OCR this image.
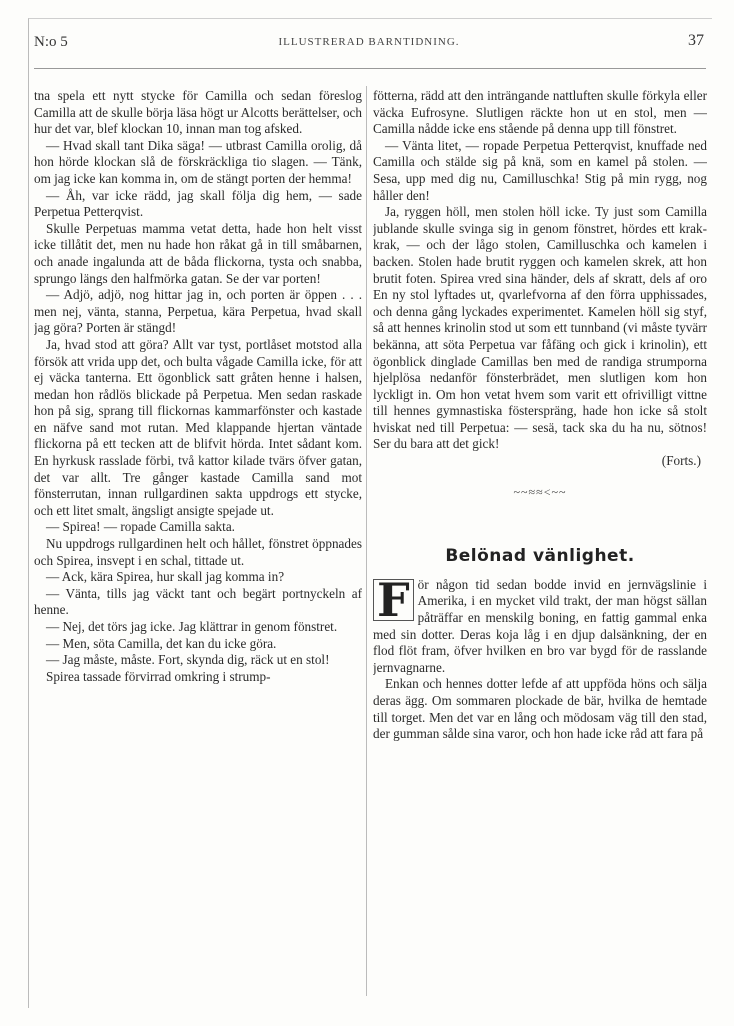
N:o 5	ILLUSTRERAD BARNTIDNING.	37

tna spela ett nytt stycke för Camilla och sedan föreslog Camilla att de skulle börja läsa högt ur Alcotts berättelser, och hur det var, blef klockan 10, innan man tog afsked.

— Hvad skall tant Dika säga! — utbrast Camilla orolig, då hon hörde klockan slå de förskräckliga tio slagen. — Tänk, om jag icke kan komma in, om de stängt porten der hemma!

— Åh, var icke rädd, jag skall följa dig hem, — sade Perpetua Petterqvist.

Skulle Perpetuas mamma vetat detta, hade hon helt visst icke tillåtit det, men nu hade hon råkat gå in till småbarnen, och anade ingalunda att de båda flickorna, tysta och snabba, sprungo längs den halfmörka gatan. Se der var porten!

— Adjö, adjö, nog hittar jag in, och porten är öppen . . . men nej, vänta, stanna, Perpetua, kära Perpetua, hvad skall jag göra? Porten är stängd!

Ja, hvad stod att göra? Allt var tyst, portlåset motstod alla försök att vrida upp det, och bulta vågade Camilla icke, för att ej väcka tanterna. Ett ögonblick satt gråten henne i halsen, medan hon rådlös blickade på Perpetua. Men sedan raskade hon på sig, sprang till flickornas kammarfönster och kastade en näfve sand mot rutan. Med klappande hjertan väntade flickorna på ett tecken att de blifvit hörda. Intet sådant kom. En hyrkusk rasslade förbi, två kattor kilade tvärs öfver gatan, det var allt. Tre gånger kastade Camilla sand mot fönsterrutan, innan rullgardinen sakta uppdrogs ett stycke, och ett litet smalt, ängsligt ansigte spejade ut.

— Spirea! — ropade Camilla sakta.

Nu uppdrogs rullgardinen helt och hållet, fönstret öppnades och Spirea, insvept i en schal, tittade ut.

— Ack, kära Spirea, hur skall jag komma in?

— Vänta, tills jag väckt tant och begärt portnyckeln af henne.

— Nej, det törs jag icke. Jag klättrar in genom fönstret.

— Men, söta Camilla, det kan du icke göra.

— Jag måste, måste. Fort, skynda dig, räck ut en stol!

Spirea tassade förvirrad omkring i strump-

fötterna, rädd att den inträngande nattluften skulle förkyla eller väcka Eufrosyne. Slutligen räckte hon ut en stol, men — Camilla nådde icke ens stående på denna upp till fönstret.

— Vänta litet, — ropade Perpetua Petterqvist, knuffade ned Camilla och stälde sig på knä, som en kamel på stolen. — Sesa, upp med dig nu, Camilluschka! Stig på min rygg, nog håller den!

Ja, ryggen höll, men stolen höll icke. Ty just som Camilla jublande skulle svinga sig in genom fönstret, hördes ett krak-krak, — och der lågo stolen, Camilluschka och kamelen i backen. Stolen hade brutit ryggen och kamelen skrek, att hon brutit foten. Spirea vred sina händer, dels af skratt, dels af oro En ny stol lyftades ut, qvarlefvorna af den förra upphissades, och denna gång lyckades experimentet. Kamelen höll sig styf, så att hennes krinolin stod ut som ett tunnband (vi måste tyvärr bekänna, att söta Perpetua var fåfäng och gick i krinolin), ett ögonblick dinglade Camillas ben med de randiga strumporna hjelplösa nedanför fönsterbrädet, men slutligen kom hon lyckligt in. Om hon vetat hvem som varit ett ofrivilligt vittne till hennes gymnastiska fösterspräng, hade hon icke så stolt hviskat ned till Perpetua: — sesä, tack ska du ha nu, sötnos! Ser du bara att det gick!

(Forts.)

~~≈≈<~~
Belönad vänlighet.
F ör någon tid sedan bodde invid en jernvägslinie i Amerika, i en mycket vild trakt, der man högst sällan påträffar en menskilg boning, en fattig gammal enka med sin dotter. Deras koja låg i en djup dalsänkning, der en flod flöt fram, öfver hvilken en bro var bygd för de rasslande jernvagnarne.

Enkan och hennes dotter lefde af att uppföda höns och sälja deras ägg. Om sommaren plockade de bär, hvilka de hemtade till torget. Men det var en lång och mödosam väg till den stad, der gumman sålde sina varor, och hon hade icke råd att fara på
